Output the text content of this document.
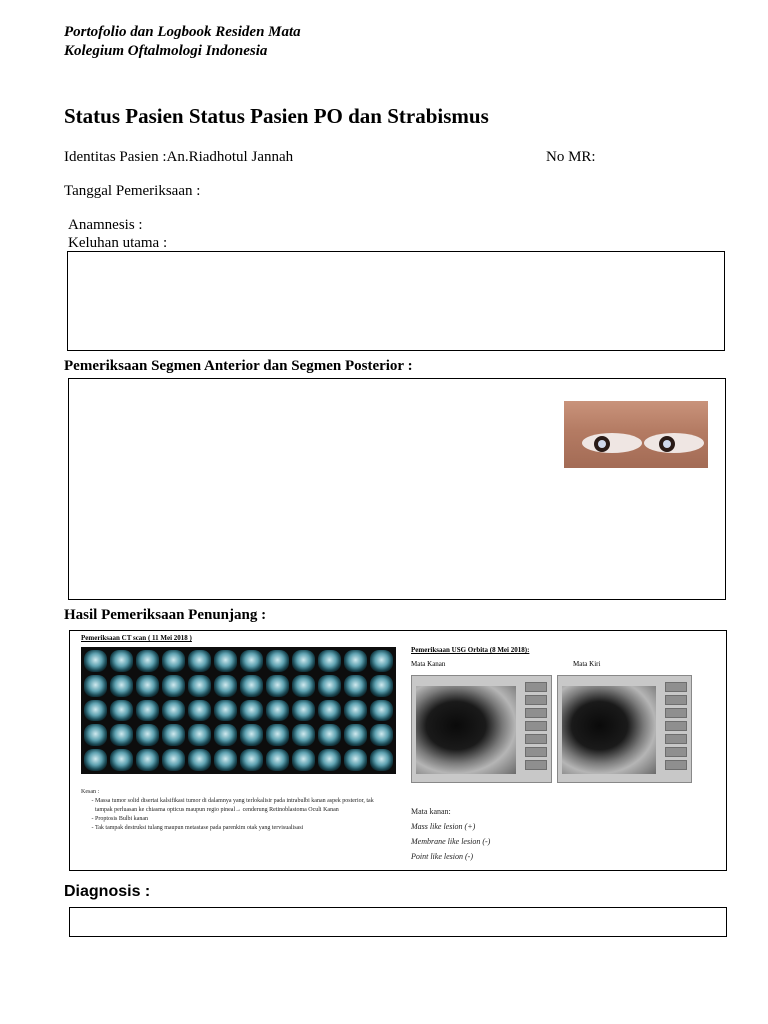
Portofolio dan Logbook Residen Mata
Kolegium Oftalmologi Indonesia
Status Pasien Status Pasien PO dan Strabismus
Identitas Pasien :An.Riadhotul Jannah	No MR:
Tanggal Pemeriksaan :
Anamnesis :
Keluhan utama :
Pemeriksaan Segmen Anterior dan Segmen Posterior :
Hasil Pemeriksaan Penunjang :
Pemeriksaan CT scan ( 11 Mei 2018 )
Pemeriksaan USG Orbita (8 Mei 2018):
Mata Kanan	Mata Kiri
Kesan :
- Massa tumor solid disertai kalsifikasi tumor di dalamnya yang terlokalisir pada intrabulbi kanan aspek posterior, tak tampak perluasan ke chiasma opticus maupun regio pineal→ cenderung Retinoblastoma Oculi Kanan
- Proptosis Bulbi kanan
- Tak tampak destruksi tulang maupun metastase pada parenkim otak yang tervisualisasi
Mata kanan:
Mass like lesion (+)
Membrane like lesion (-)
Point like lesion (-)
Diagnosis :
